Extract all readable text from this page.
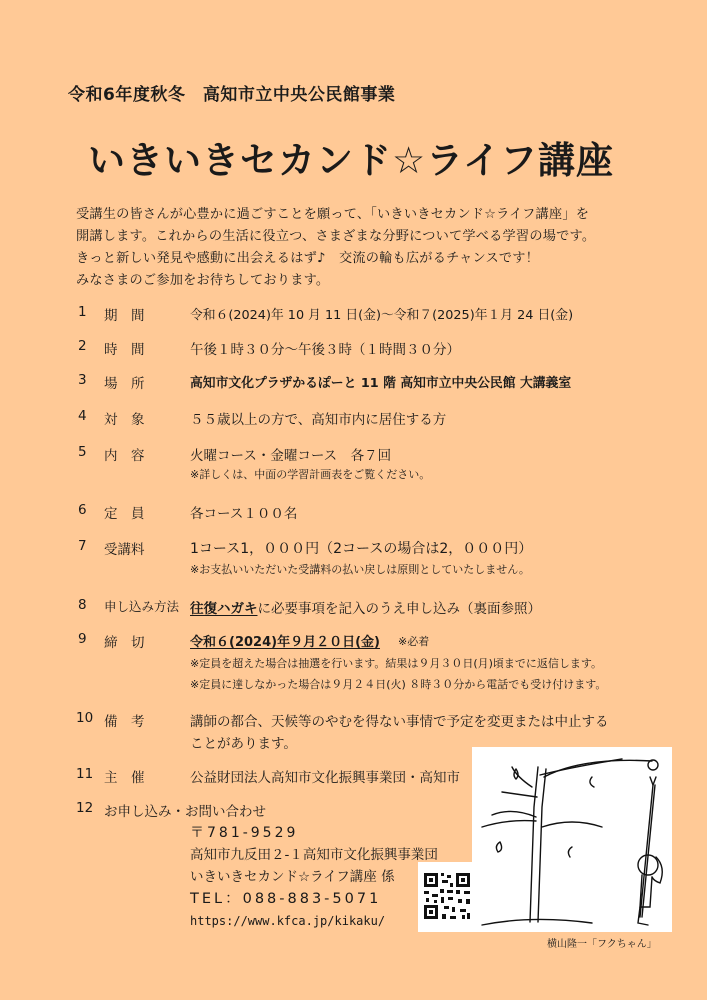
令和6年度秋冬　高知市立中央公民館事業
いきいきセカンド☆ライフ講座
受講生の皆さんが心豊かに過ごすことを願って、「いきいきセカンド☆ライフ講座」を
開講します。これからの生活に役立つ、さまざまな分野について学べる学習の場です。
きっと新しい発見や感動に出会えるはず♪　交流の輪も広がるチャンスです！
みなさまのご参加をお待ちしております。
1 期　間	令和６(2024)年 10 月 11 日(金)～令和７(2025)年１月 24 日(金)
2 時　間	午後１時３０分～午後３時（１時間３０分）
3 場　所	高知市文化プラザかるぽーと 11 階 高知市立中央公民館 大講義室
4 対　象	５５歳以上の方で、高知市内に居住する方
5 内　容	火曜コース・金曜コース　各７回
※詳しくは、中面の学習計画表をご覧ください。
6 定　員	各コース１００名
7 受講料	1コース1，０００円（2コースの場合は2，０００円）
※お支払いいただいた受講料の払い戻しは原則としていたしません。
8 申し込み方法 往復ハガキに必要事項を記入のうえ申し込み（裏面参照）
9 締　切	令和６(2024)年９月２０日(金) ※必着
※定員を超えた場合は抽選を行います。結果は９月３０日(月)頃までに返信します。
※定員に達しなかった場合は９月２４日(火) ８時３０分から電話でも受け付けます。
10 備　考	講師の都合、天候等のやむを得ない事情で予定を変更または中止する
ことがあります。
11 主　催	公益財団法人高知市文化振興事業団・高知市
12 お申し込み・お問い合わせ
〒781-9529
高知市九反田２-１高知市文化振興事業団
いきいきセカンド☆ライフ講座 係
TEL：088-883-5071
https://www.kfca.jp/kikaku/
横山隆一「フクちゃん」
